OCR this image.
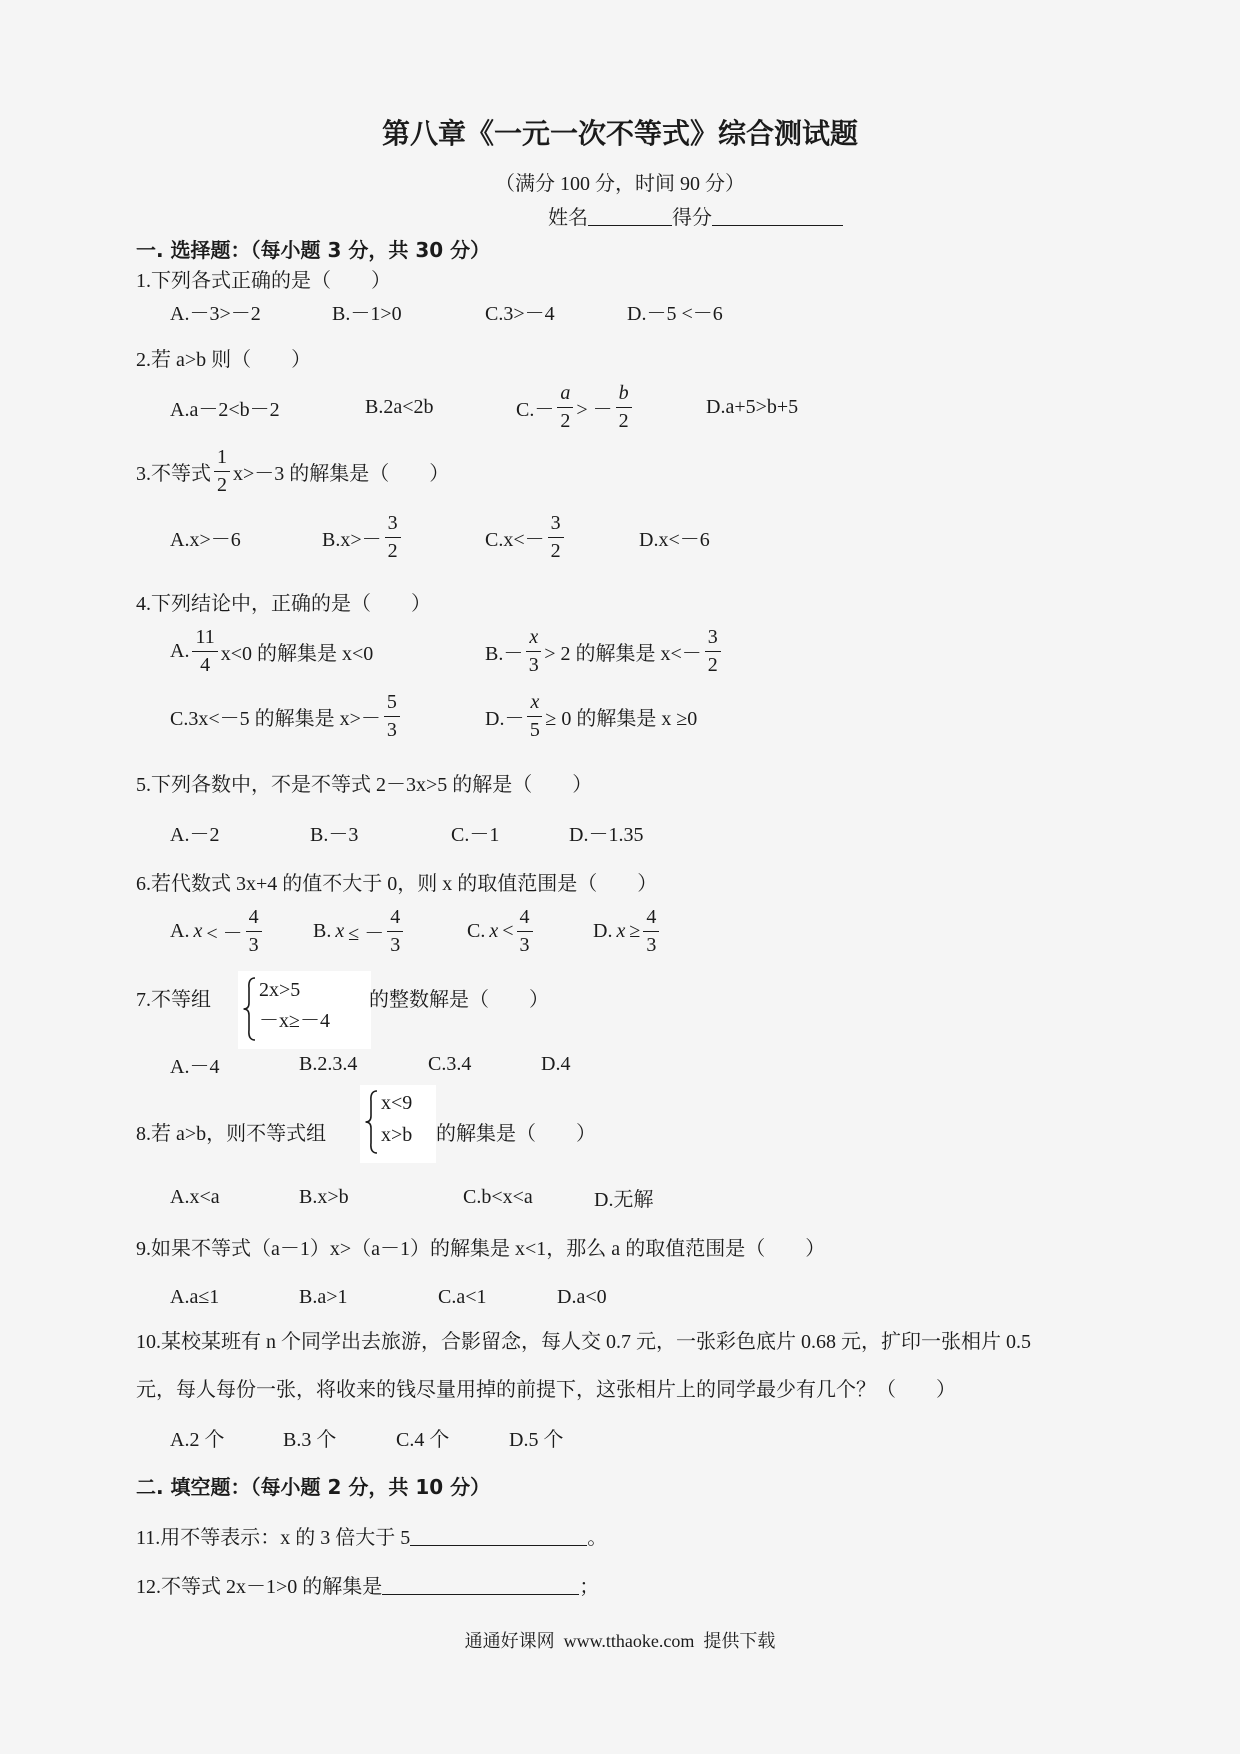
第八章《一元一次不等式》综合测试题
（满分 100 分，时间 90 分）
姓名	得分
一. 选择题：（每小题 3 分，共 30 分）
1.下列各式正确的是（　　）
A.－3>－2	B.－1>0	C.3>－4	D.－5 <－6
2.若 a>b 则（　　）
A.a－2<b－2	B.2a<2b	$C.- \frac{a}{2}$ > － $\frac{b}{2}$	D.a+5>b+5
3.不等式 $\frac{1}{2} x>-3$ 的解集是（　　）
A.x>－6	$B.x>- \frac{3}{2}$	$C.x<- \frac{3}{2}$	D.x<－6
4.下列结论中，正确的是（　　）
A. $\frac{11}{4} x<0$ 的解集是 x<0	$B.- \frac{x}{3} > 2$ 的解集是 $x<- \frac{3}{2}$
C.3x<－5 的解集是 $x>- \frac{5}{3}$	$D.- \frac{x}{5} \ge 0$ 的解集是 x ≥0
5.下列各数中，不是不等式 2－3x>5 的解是（　　）
A.－2	B.－3	C.－1	D.－1.35
6.若代数式 3x+4 的值不大于 0，则 x 的取值范围是（　　）
A. x < － $\frac{4}{3}$	B. x ≤ － $\frac{4}{3}$	C. $x < \frac{4}{3}$	D. $x \ge \frac{4}{3}$
7.不等组 2x>5
－x≥－4
的整数解是（　　）
A.－4	B.2.3.4	C.3.4	D.4
8.若 a>b，则不等式组
x<9
x>b 的解集是（　　）
A.x<a	B.x>b	C.b<x<a	D.无解
9.如果不等式（a－1）x>（a－1）的解集是 x<1，那么 a 的取值范围是（　　）
A.a≤1	B.a>1	C.a<1	D.a<0
10.某校某班有 n 个同学出去旅游，合影留念，每人交 0.7 元，一张彩色底片 0.68 元，扩印一张相片 0.5
元，每人每份一张，将收来的钱尽量用掉的前提下，这张相片上的同学最少有几个？（　　）
A.2 个	B.3 个	C.4 个	D.5 个
二. 填空题：（每小题 2 分，共 10 分）
11.用不等表示：x 的 3 倍大于 5	。
12.不等式 2x－1>0 的解集是	；
通通好课网  www.tthaoke.com  提供下载
